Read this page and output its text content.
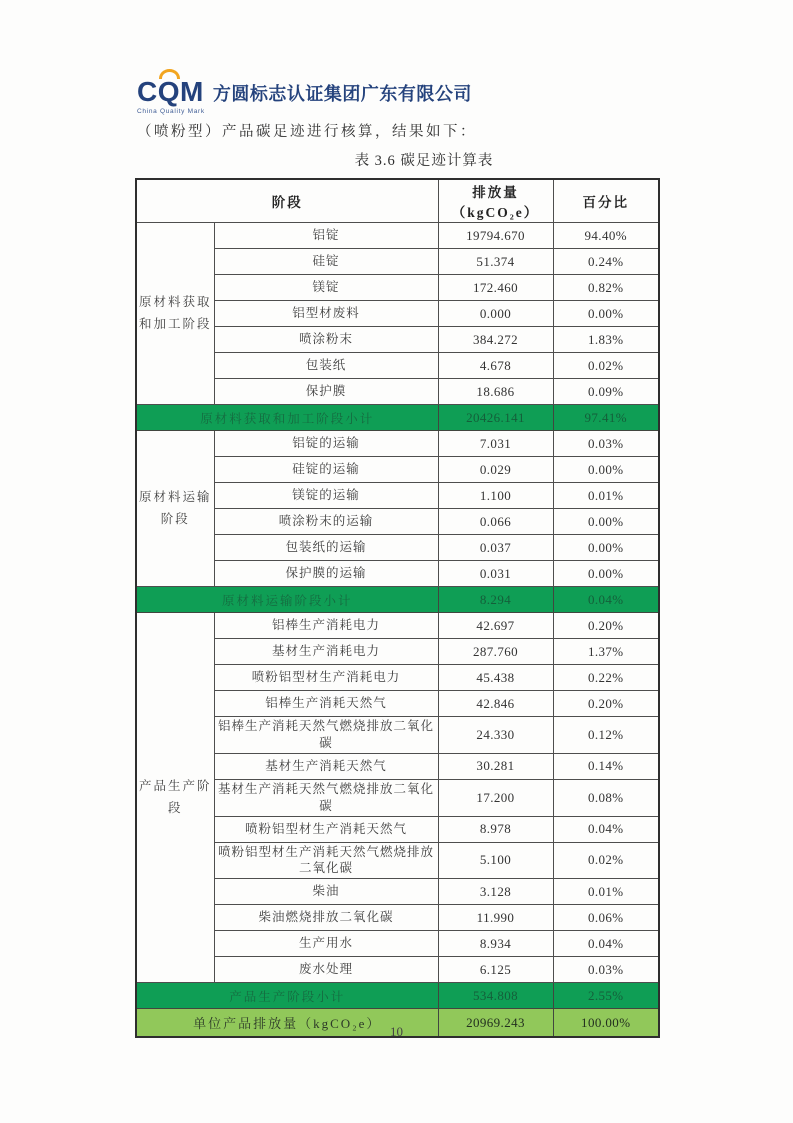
CQM
China Quality Mark
方圆标志认证集团广东有限公司
（喷粉型）产品碳足迹进行核算，结果如下：
表 3.6 碳足迹计算表
阶段		排放量（kgCO₂e）	百分比
原材料获取和加工阶段	铝锭	19794.670	94.40%
	硅锭	51.374	0.24%
	镁锭	172.460	0.82%
	铝型材废料	0.000	0.00%
	喷涂粉末	384.272	1.83%
	包装纸	4.678	0.02%
	保护膜	18.686	0.09%
原材料获取和加工阶段小计		20426.141	97.41%
原材料运输阶段	铝锭的运输	7.031	0.03%
	硅锭的运输	0.029	0.00%
	镁锭的运输	1.100	0.01%
	喷涂粉末的运输	0.066	0.00%
	包装纸的运输	0.037	0.00%
	保护膜的运输	0.031	0.00%
原材料运输阶段小计		8.294	0.04%
产品生产阶段	铝棒生产消耗电力	42.697	0.20%
	基材生产消耗电力	287.760	1.37%
	喷粉铝型材生产消耗电力	45.438	0.22%
	铝棒生产消耗天然气	42.846	0.20%
	铝棒生产消耗天然气燃烧排放二氧化碳	24.330	0.12%
	基材生产消耗天然气	30.281	0.14%
	基材生产消耗天然气燃烧排放二氧化碳	17.200	0.08%
	喷粉铝型材生产消耗天然气	8.978	0.04%
	喷粉铝型材生产消耗天然气燃烧排放二氧化碳	5.100	0.02%
	柴油	3.128	0.01%
	柴油燃烧排放二氧化碳	11.990	0.06%
	生产用水	8.934	0.04%
	废水处理	6.125	0.03%
产品生产阶段小计		534.808	2.55%
单位产品排放量（kgCO₂e）		20969.243	100.00%
10
